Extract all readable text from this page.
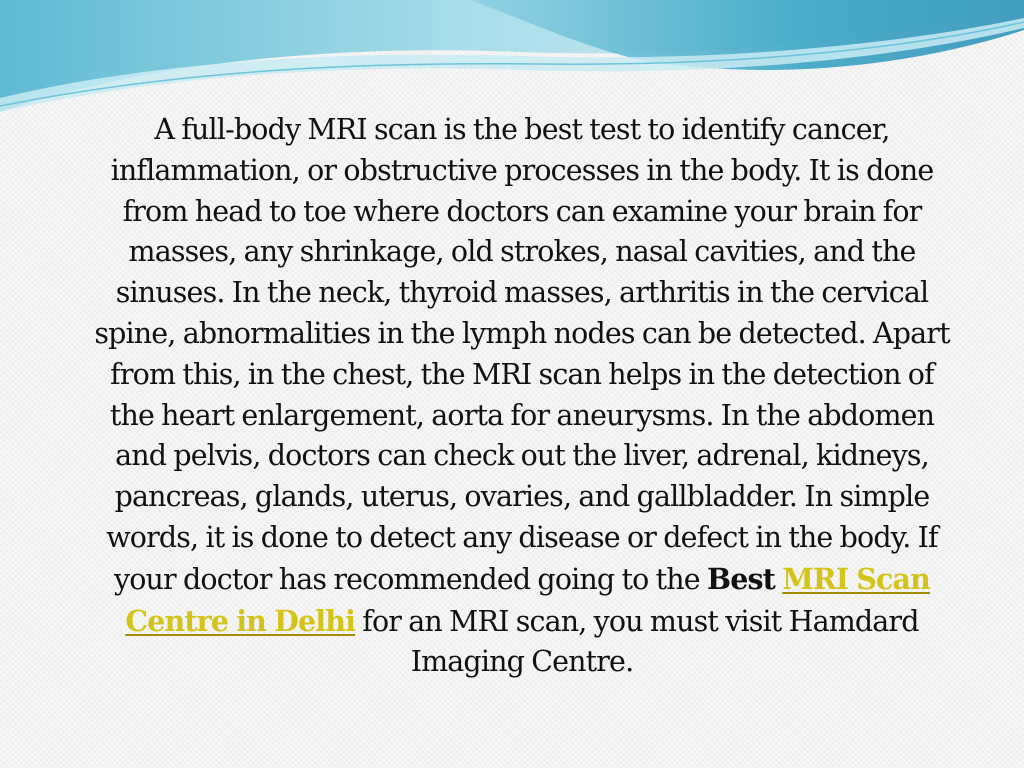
A full-body MRI scan is the best test to identify cancer, inflammation, or obstructive processes in the body. It is done from head to toe where doctors can examine your brain for masses, any shrinkage, old strokes, nasal cavities, and the sinuses. In the neck, thyroid masses, arthritis in the cervical spine, abnormalities in the lymph nodes can be detected. Apart from this, in the chest, the MRI scan helps in the detection of the heart enlargement, aorta for aneurysms. In the abdomen and pelvis, doctors can check out the liver, adrenal, kidneys, pancreas, glands, uterus, ovaries, and gallbladder. In simple words, it is done to detect any disease or defect in the body. If your doctor has recommended going to the Best MRI Scan Centre in Delhi for an MRI scan, you must visit Hamdard Imaging Centre.
